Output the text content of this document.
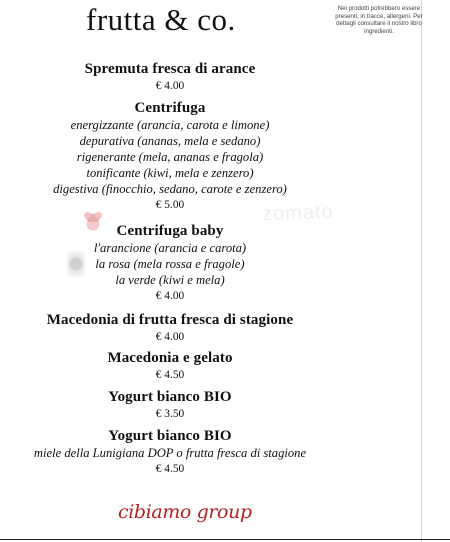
frutta & co.	Nei prodotti potrebbero essere presenti, in tracce, allergeni. Per dettagli consultare il nostro libro ingredienti.
zomato
Spremuta fresca di arance
€ 4.00
Centrifuga
energizzante (arancia, carota e limone)
depurativa (ananas, mela e sedano)
rigenerante (mela, ananas e fragola)
tonificante (kiwi, mela e zenzero)
digestiva (finocchio, sedano, carote e zenzero)
€ 5.00
Centrifuga baby
l'arancione (arancia e carota)
la rosa (mela rossa e fragole)
la verde (kiwi e mela)
€ 4.00
Macedonia di frutta fresca di stagione
€ 4.00
Macedonia e gelato
€ 4.50
Yogurt bianco BIO
€ 3.50
Yogurt bianco BIO
miele della Lunigiana DOP o frutta fresca di stagione
€ 4.50
cibiamo group
